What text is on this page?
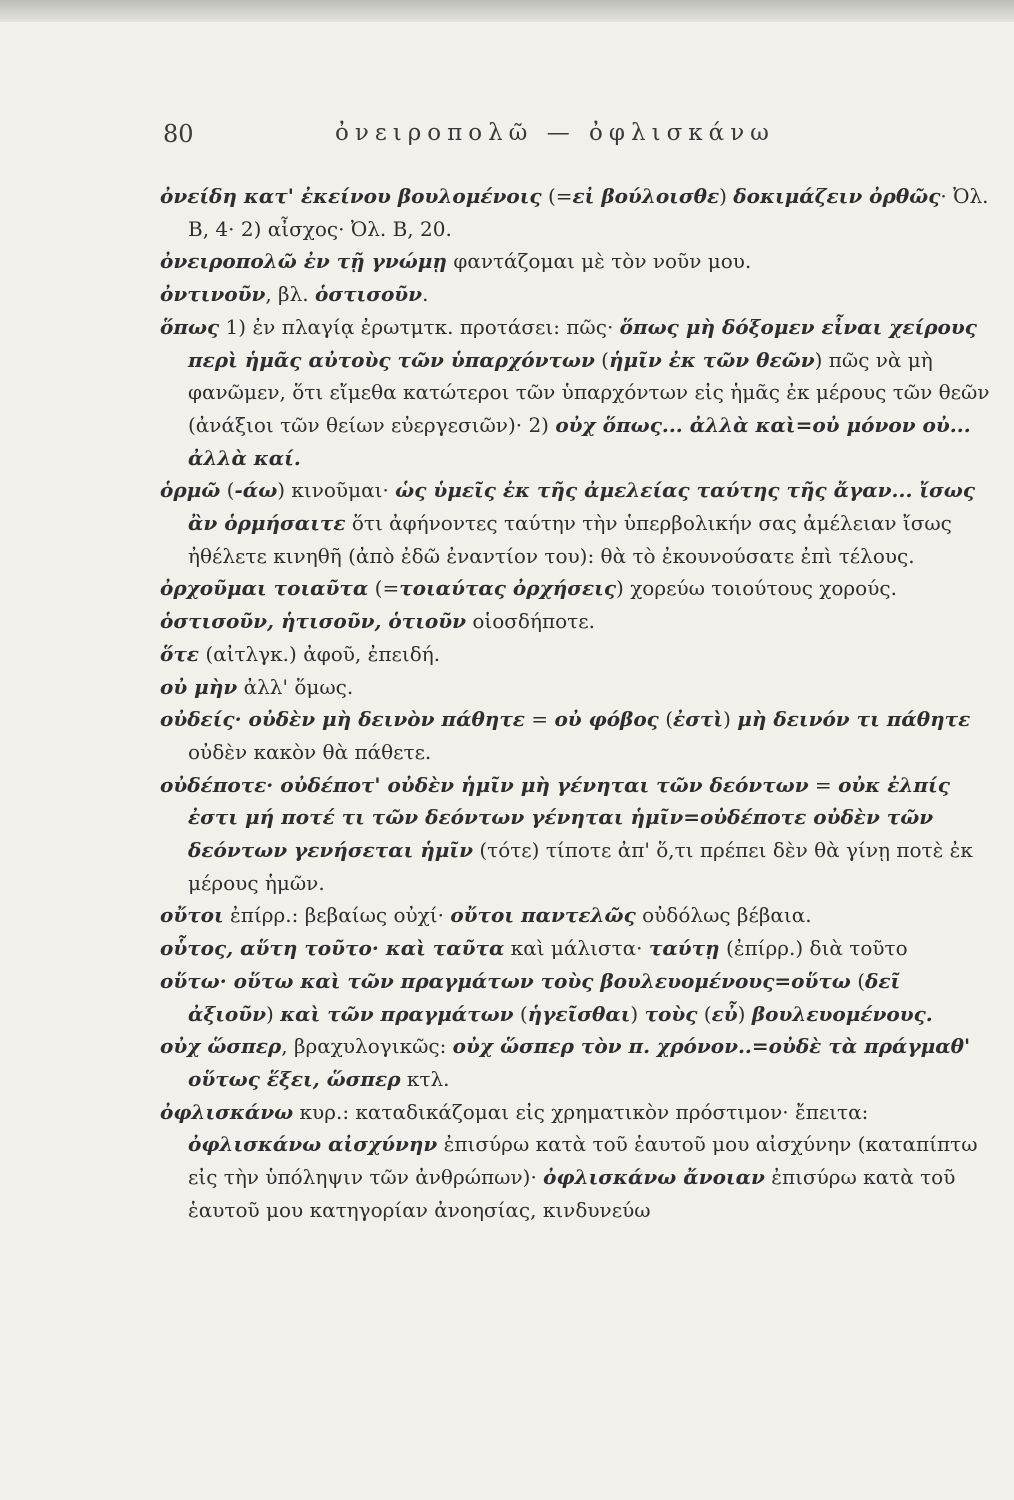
80	ὀνειροπολῶ — ὀφλισκάνω

ὀνείδη κατ' ἐκείνου βουλομένοις (=εἰ βούλοισθε) δοκιμάζειν ὀρθῶς· Ὀλ. Β, 4· 2) αἶσχος· Ὀλ. Β, 20.

ὀνειροπολῶ ἐν τῇ γνώμῃ φαντάζομαι μὲ τὸν νοῦν μου.

ὀντινοῦν, βλ. ὁστισοῦν.

ὅπως 1) ἐν πλαγίᾳ ἐρωτμτκ. προτάσει: πῶς· ὅπως μὴ δόξομεν εἶναι χείρους περὶ ἡμᾶς αὐτοὺς τῶν ὑπαρχόντων (ἡμῖν ἐκ τῶν θεῶν) πῶς νὰ μὴ φανῶμεν, ὅτι εἴμεθα κατώτεροι τῶν ὑπαρχόντων εἰς ἡμᾶς ἐκ μέρους τῶν θεῶν (ἀνάξιοι τῶν θείων εὐεργεσιῶν)· 2) οὐχ ὅπως... ἀλλὰ καὶ=οὐ μόνον οὐ... ἀλλὰ καί.

ὁρμῶ (-άω) κινοῦμαι· ὡς ὑμεῖς ἐκ τῆς ἀμελείας ταύτης τῆς ἄγαν... ἴσως ἂν ὁρμήσαιτε ὅτι ἀφήνοντες ταύτην τὴν ὑπερβολικήν σας ἀμέλειαν ἴσως ἠθέλετε κινηθῆ (ἀπὸ ἐδῶ ἐναντίον του): θὰ τὸ ἐκουνούσατε ἐπὶ τέλους.

ὀρχοῦμαι τοιαῦτα (=τοιαύτας ὀρχήσεις) χορεύω τοιούτους χορούς.

ὁστισοῦν, ἡτισοῦν, ὁτιοῦν οἱοσδήποτε.

ὅτε (αἰτλγκ.) ἀφοῦ, ἐπειδή.

οὐ μὴν ἀλλ' ὅμως.

οὐδείς· οὐδὲν μὴ δεινὸν πάθητε = οὐ φόβος (ἐστὶ) μὴ δεινόν τι πάθητε οὐδὲν κακὸν θὰ πάθετε.

οὐδέποτε· οὐδέποτ' οὐδὲν ἡμῖν μὴ γένηται τῶν δεόντων = οὐκ ἐλπίς ἐστι μή ποτέ τι τῶν δεόντων γένηται ἡμῖν=οὐδέποτε οὐδὲν τῶν δεόντων γενήσεται ἡμῖν (τότε) τίποτε ἀπ' ὅ,τι πρέπει δὲν θὰ γίνῃ ποτὲ ἐκ μέρους ἡμῶν.

οὔτοι ἐπίρρ.: βεβαίως οὐχί· οὔτοι παντελῶς οὐδόλως βέβαια.

οὗτος, αὕτη τοῦτο· καὶ ταῦτα καὶ μάλιστα· ταύτῃ (ἐπίρρ.) διὰ τοῦτο

οὕτω· οὕτω καὶ τῶν πραγμάτων τοὺς βουλευομένους=οὕτω (δεῖ ἀξιοῦν) καὶ τῶν πραγμάτων (ἡγεῖσθαι) τοὺς (εὖ) βουλευομένους.

οὐχ ὥσπερ, βραχυλογικῶς: οὐχ ὥσπερ τὸν π. χρόνον..=οὐδὲ τὰ πράγμαθ' οὕτως ἕξει, ὥσπερ κτλ.

ὀφλισκάνω κυρ.: καταδικάζομαι εἰς χρηματικὸν πρόστιμον· ἔπειτα: ὀφλισκάνω αἰσχύνην ἐπισύρω κατὰ τοῦ ἑαυτοῦ μου αἰσχύνην (καταπίπτω εἰς τὴν ὑπόληψιν τῶν ἀνθρώπων)· ὀφλισκάνω ἄνοιαν ἐπισύρω κατὰ τοῦ ἑαυτοῦ μου κατηγορίαν ἀνοησίας, κινδυνεύω
